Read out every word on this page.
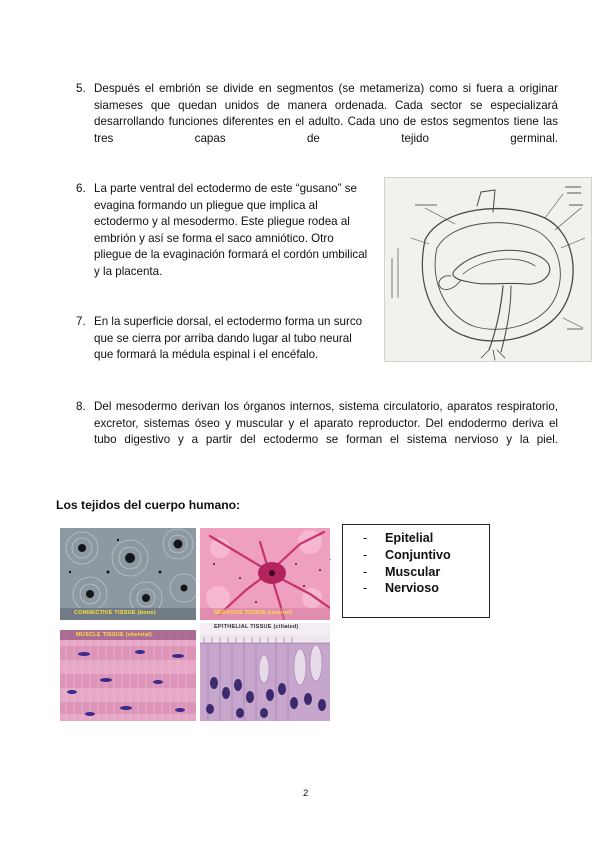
5. Después el embrión se divide en segmentos (se metameriza) como si fuera a originar siameses que quedan unidos de manera ordenada. Cada sector se especializará desarrollando funciones diferentes en el adulto. Cada uno de estos segmentos tiene las tres capas de tejido germinal.
6. La parte ventral del ectodermo de este “gusano” se
evagina formando un pliegue que implica al
ectodermo y al mesodermo. Este pliegue rodea al
embrión y así se forma el saco amniótico. Otro
pliegue de la evaginación formará el cordón umbilical
y la placenta.
7. En la superficie dorsal, el ectodermo forma un surco
que se cierra por arriba dando lugar al tubo neural
que formará la médula espinal i el encéfalo.
8. Del mesodermo derivan los órganos internos, sistema circulatorio, aparatos respiratorio, excretor, sistemas óseo y muscular y el aparato reproductor. Del endodermo deriva el tubo digestivo y a partir del ectodermo se forman el sistema nervioso y la piel.
Los tejidos del cuerpo humano:
CONNECTIVE TISSUE (bone)	NERVOUS TISSUE (neuron)
MUSCLE TISSUE (skeletal)
EPITHELIAL TISSUE (ciliated)
.
- Epitelial
- Conjuntivo
- Muscular
- Nervioso
2
